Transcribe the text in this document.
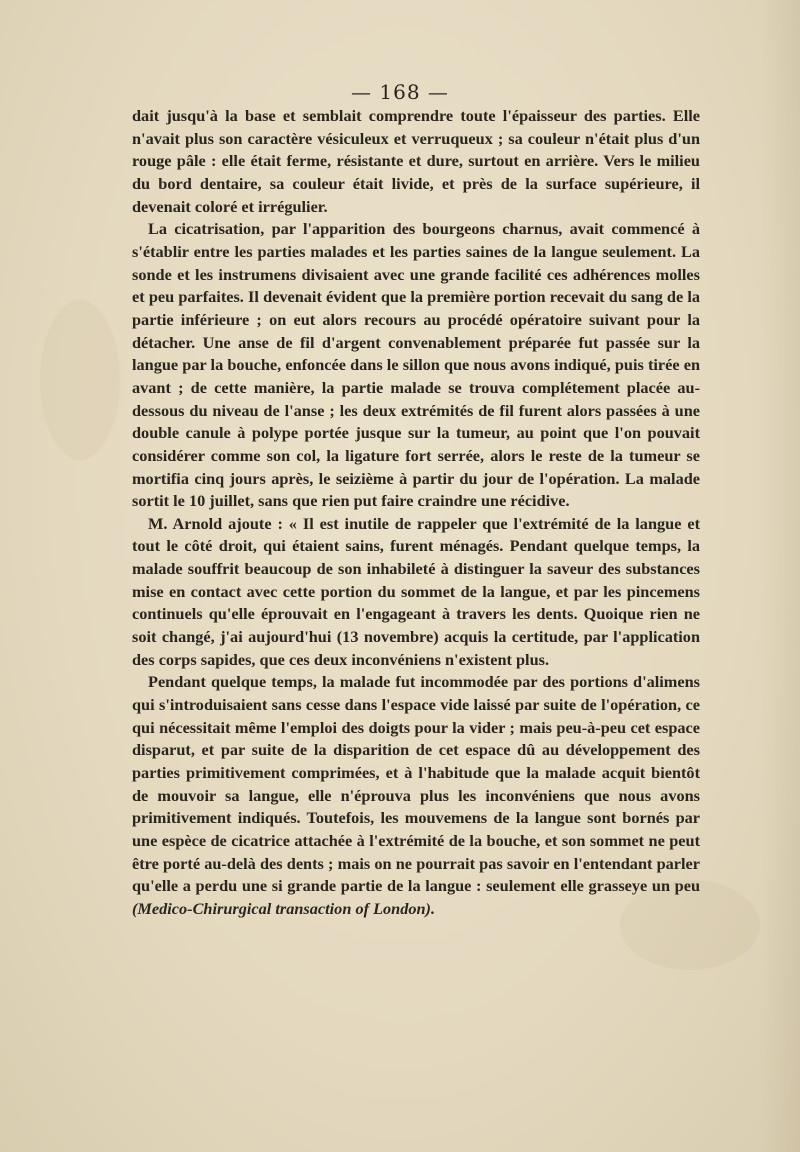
— 168 —

dait jusqu'à la base et semblait comprendre toute l'épaisseur des parties. Elle n'avait plus son caractère vésiculeux et verruqueux ; sa couleur n'était plus d'un rouge pâle : elle était ferme, résistante et dure, surtout en arrière. Vers le milieu du bord dentaire, sa couleur était livide, et près de la surface supérieure, il devenait coloré et irrégulier.

La cicatrisation, par l'apparition des bourgeons charnus, avait commencé à s'établir entre les parties malades et les parties saines de la langue seulement. La sonde et les instrumens divisaient avec une grande facilité ces adhérences molles et peu parfaites. Il devenait évident que la première portion recevait du sang de la partie inférieure ; on eut alors recours au procédé opératoire suivant pour la détacher. Une anse de fil d'argent convenablement préparée fut passée sur la langue par la bouche, enfoncée dans le sillon que nous avons indiqué, puis tirée en avant ; de cette manière, la partie malade se trouva complétement placée au-dessous du niveau de l'anse ; les deux extrémités de fil furent alors passées à une double canule à polype portée jusque sur la tumeur, au point que l'on pouvait considérer comme son col, la ligature fort serrée, alors le reste de la tumeur se mortifia cinq jours après, le seizième à partir du jour de l'opération. La malade sortit le 10 juillet, sans que rien put faire craindre une récidive.

M. Arnold ajoute : « Il est inutile de rappeler que l'extrémité de la langue et tout le côté droit, qui étaient sains, furent ménagés. Pendant quelque temps, la malade souffrit beaucoup de son inhabileté à distinguer la saveur des substances mise en contact avec cette portion du sommet de la langue, et par les pincemens continuels qu'elle éprouvait en l'engageant à travers les dents. Quoique rien ne soit changé, j'ai aujourd'hui (13 novembre) acquis la certitude, par l'application des corps sapides, que ces deux inconvéniens n'existent plus.

Pendant quelque temps, la malade fut incommodée par des portions d'alimens qui s'introduisaient sans cesse dans l'espace vide laissé par suite de l'opération, ce qui nécessitait même l'emploi des doigts pour la vider ; mais peu-à-peu cet espace disparut, et par suite de la disparition de cet espace dû au développement des parties primitivement comprimées, et à l'habitude que la malade acquit bientôt de mouvoir sa langue, elle n'éprouva plus les inconvéniens que nous avons primitivement indiqués. Toutefois, les mouvemens de la langue sont bornés par une espèce de cicatrice attachée à l'extrémité de la bouche, et son sommet ne peut être porté au-delà des dents ; mais on ne pourrait pas savoir en l'entendant parler qu'elle a perdu une si grande partie de la langue : seulement elle grasseye un peu (Medico-Chirurgical transaction of London).
